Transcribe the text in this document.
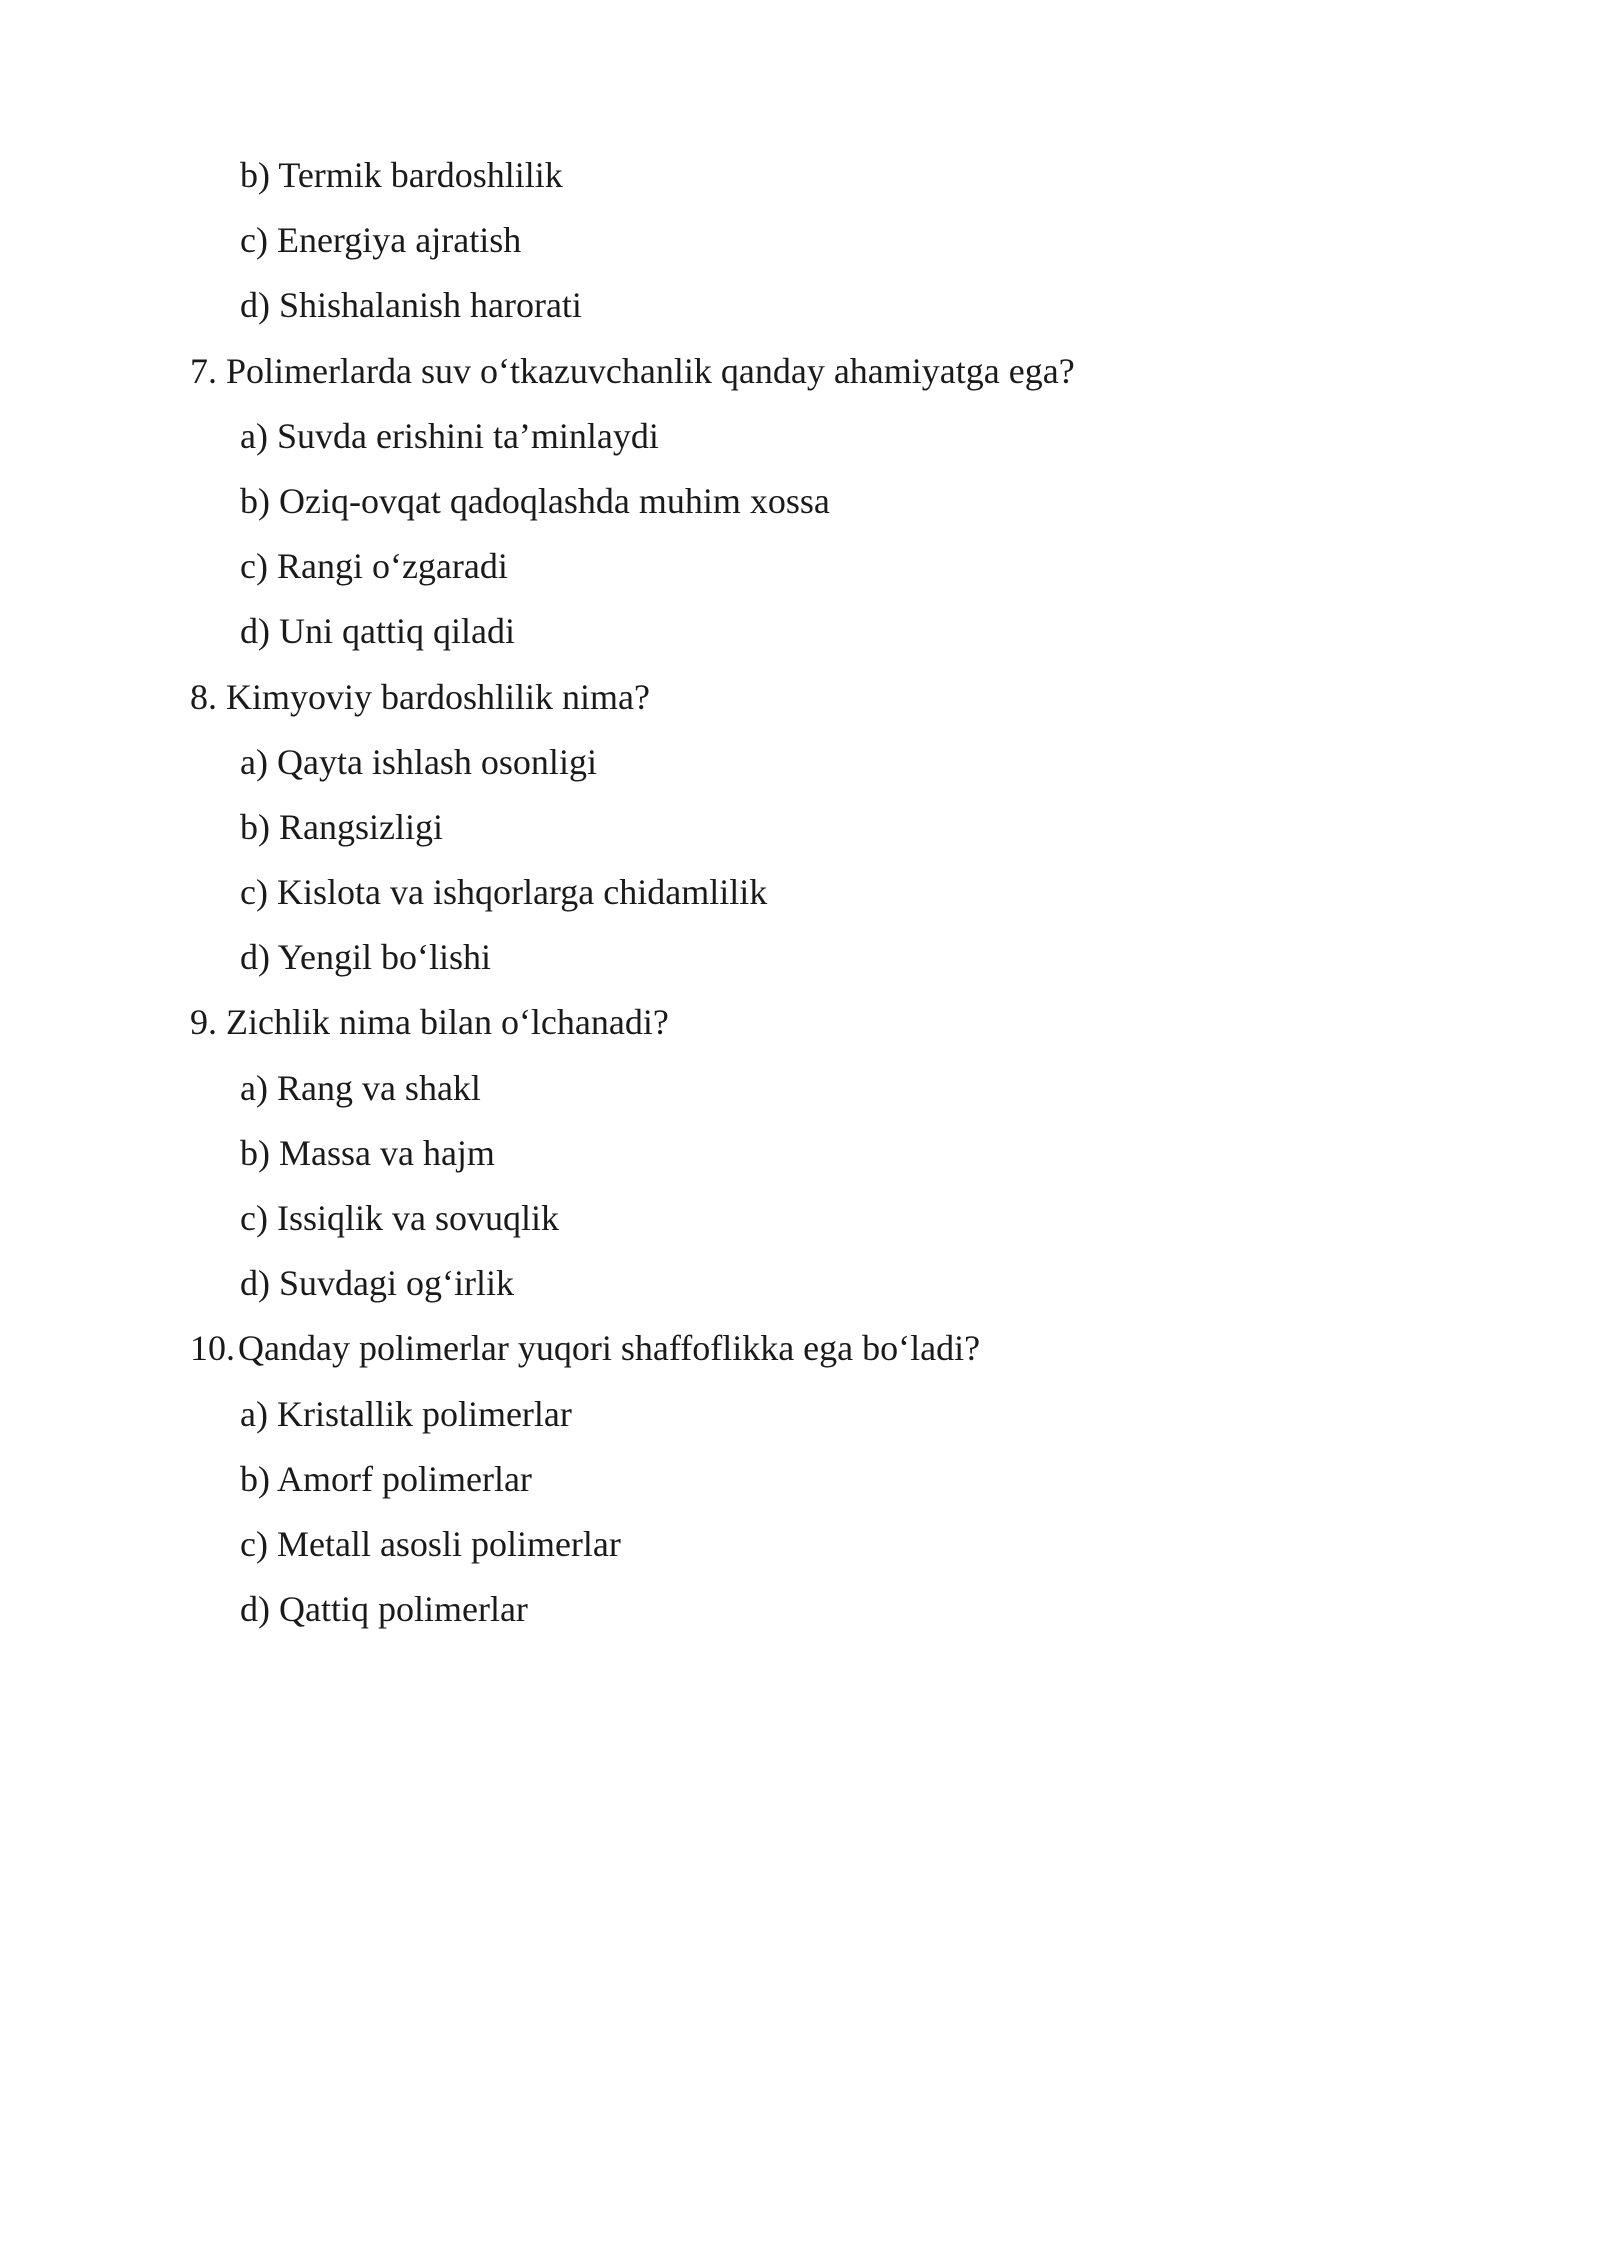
b) Termik bardoshlilik
c) Energiya ajratish
d) Shishalanish harorati
7. Polimerlarda suv o‘tkazuvchanlik qanday ahamiyatga ega?
a) Suvda erishini ta’minlaydi
b) Oziq-ovqat qadoqlashda muhim xossa
c) Rangi o‘zgaradi
d) Uni qattiq qiladi
8. Kimyoviy bardoshlilik nima?
a) Qayta ishlash osonligi
b) Rangsizligi
c) Kislota va ishqorlarga chidamlilik
d) Yengil bo‘lishi
9. Zichlik nima bilan o‘lchanadi?
a) Rang va shakl
b) Massa va hajm
c) Issiqlik va sovuqlik
d) Suvdagi og‘irlik
10.Qanday polimerlar yuqori shaffoflikka ega bo‘ladi?
a) Kristallik polimerlar
b) Amorf polimerlar
c) Metall asosli polimerlar
d) Qattiq polimerlar
